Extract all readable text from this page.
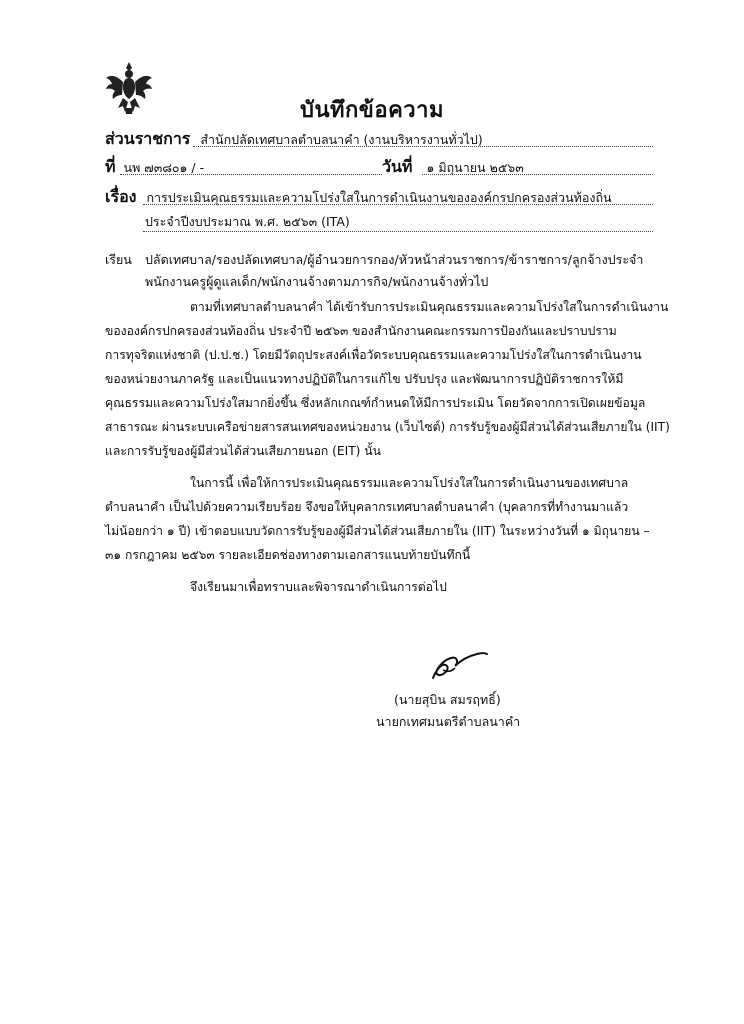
บันทึกข้อความ
ส่วนราชการ สำนักปลัดเทศบาลตำบลนาคำ (งานบริหารงานทั่วไป)
ที่ นพ ๗๓๘๐๑ / -	วันที่ ๑ มิถุนายน ๒๕๖๓
เรื่อง การประเมินคุณธรรมและความโปร่งใสในการดำเนินงานขององค์กรปกครองส่วนท้องถิ่น
ประจำปีงบประมาณ พ.ศ. ๒๕๖๓ (ITA)
เรียน ปลัดเทศบาล/รองปลัดเทศบาล/ผู้อำนวยการกอง/หัวหน้าส่วนราชการ/ข้าราชการ/ลูกจ้างประจำ
พนักงานครูผู้ดูแลเด็ก/พนักงานจ้างตามภารกิจ/พนักงานจ้างทั่วไป
ตามที่เทศบาลตำบลนาคำ ได้เข้ารับการประเมินคุณธรรมและความโปร่งใสในการดำเนินงาน
ขององค์กรปกครองส่วนท้องถิ่น ประจำปี ๒๕๖๓ ของสำนักงานคณะกรรมการป้องกันและปราบปราม
การทุจริตแห่งชาติ (ป.ป.ช.) โดยมีวัตถุประสงค์เพื่อวัดระบบคุณธรรมและความโปร่งใสในการดำเนินงาน
ของหน่วยงานภาครัฐ และเป็นแนวทางปฏิบัติในการแก้ไข ปรับปรุง และพัฒนาการปฏิบัติราชการให้มี
คุณธรรมและความโปร่งใสมากยิ่งขึ้น ซึ่งหลักเกณฑ์กำหนดให้มีการประเมิน โดยวัดจากการเปิดเผยข้อมูล
สาธารณะ ผ่านระบบเครือข่ายสารสนเทศของหน่วยงาน (เว็บไซต์) การรับรู้ของผู้มีส่วนได้ส่วนเสียภายใน (IIT)
และการรับรู้ของผู้มีส่วนได้ส่วนเสียภายนอก (EIT) นั้น
ในการนี้ เพื่อให้การประเมินคุณธรรมและความโปร่งใสในการดำเนินงานของเทศบาล
ตำบลนาคำ เป็นไปด้วยความเรียบร้อย จึงขอให้บุคลากรเทศบาลตำบลนาคำ (บุคลากรที่ทำงานมาแล้ว
ไม่น้อยกว่า ๑ ปี) เข้าตอบแบบวัดการรับรู้ของผู้มีส่วนได้ส่วนเสียภายใน (IIT) ในระหว่างวันที่ ๑ มิถุนายน –
๓๑ กรกฎาคม ๒๕๖๓ รายละเอียดช่องทางตามเอกสารแนบท้ายบันทึกนี้
จึงเรียนมาเพื่อทราบและพิจารณาดำเนินการต่อไป
(นายสุบิน สมรฤทธิ์)
นายกเทศมนตรีตำบลนาคำ
